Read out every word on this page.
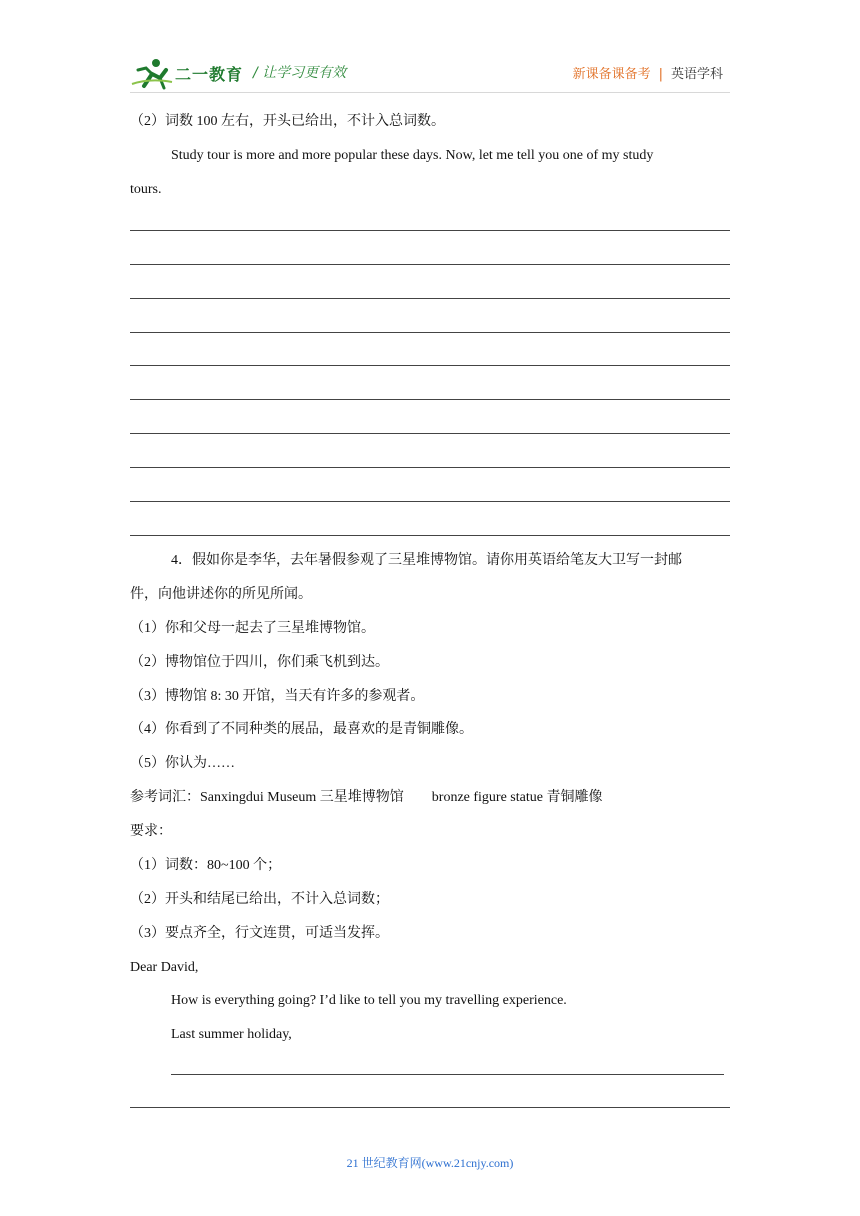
二一教育 / 让学习更有效	新课备课备考 | 英语学科
（2）词数 100 左右，开头已给出，不计入总词数。
Study tour is more and more popular these days. Now, let me tell you one of my study
tours.
4．假如你是李华，去年暑假参观了三星堆博物馆。请你用英语给笔友大卫写一封邮
件，向他讲述你的所见所闻。
（1）你和父母一起去了三星堆博物馆。
（2）博物馆位于四川，你们乘飞机到达。
（3）博物馆 8: 30 开馆，当天有许多的参观者。
（4）你看到了不同种类的展品，最喜欢的是青铜雕像。
（5）你认为……
参考词汇：Sanxingdui Museum 三星堆博物馆　　bronze figure statue 青铜雕像
要求：
（1）词数：80~100 个；
（2）开头和结尾已给出，不计入总词数；
（3）要点齐全，行文连贯，可适当发挥。
Dear David,
How is everything going? I’d like to tell you my travelling experience.
Last summer holiday,
21 世纪教育网(www.21cnjy.com)
